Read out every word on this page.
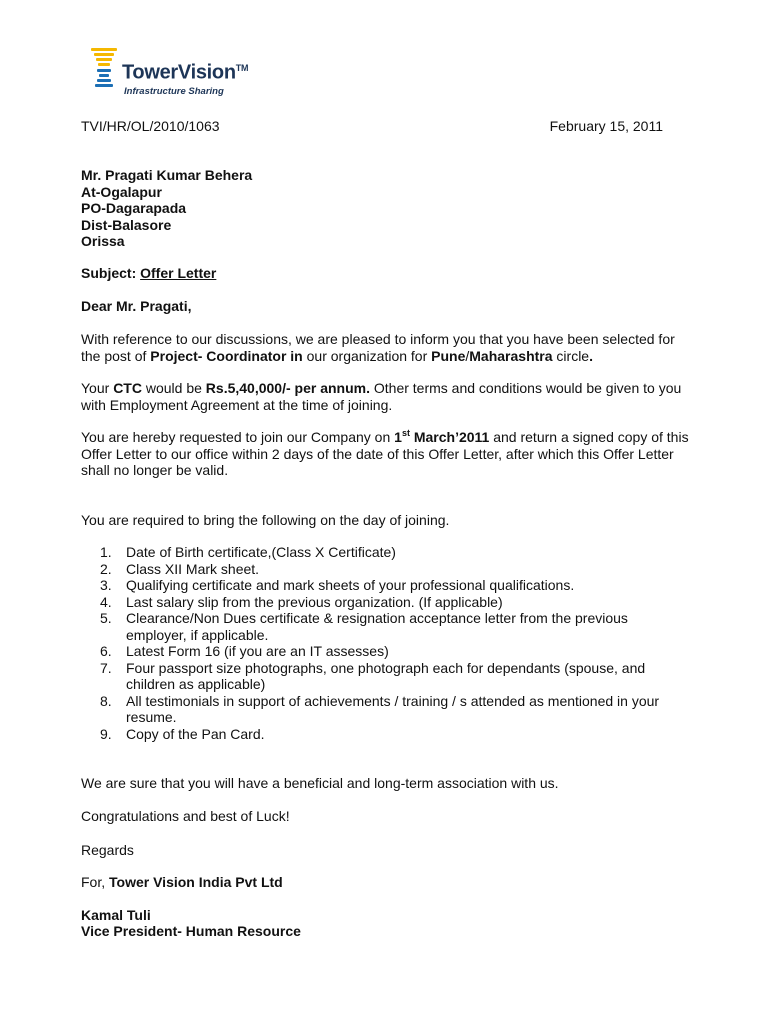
TowerVision™
Infrastructure Sharing
TVI/HR/OL/2010/1063	February 15, 2011
Mr. Pragati Kumar Behera
At-Ogalapur
PO-Dagarapada
Dist-Balasore
Orissa
Subject: Offer Letter
Dear Mr. Pragati,
With reference to our discussions, we are pleased to inform you that you have been selected for the post of Project- Coordinator in our organization for Pune/Maharashtra circle.
Your CTC would be Rs.5,40,000/- per annum. Other terms and conditions would be given to you with Employment Agreement at the time of joining.
You are hereby requested to join our Company on 1st March’2011 and return a signed copy of this Offer Letter to our office within 2 days of the date of this Offer Letter, after which this Offer Letter shall no longer be valid.
You are required to bring the following on the day of joining.
1. Date of Birth certificate,(Class X Certificate)
2. Class XII Mark sheet.
3. Qualifying certificate and mark sheets of your professional qualifications.
4. Last salary slip from the previous organization. (If applicable)
5. Clearance/Non Dues certificate & resignation acceptance letter from the previous employer, if applicable.
6. Latest Form 16 (if you are an IT assesses)
7. Four passport size photographs, one photograph each for dependants (spouse, and children as applicable)
8. All testimonials in support of achievements / training / s attended as mentioned in your resume.
9. Copy of the Pan Card.
We are sure that you will have a beneficial and long-term association with us.
Congratulations and best of Luck!
Regards
For, Tower Vision India Pvt Ltd
Kamal Tuli
Vice President- Human Resource
